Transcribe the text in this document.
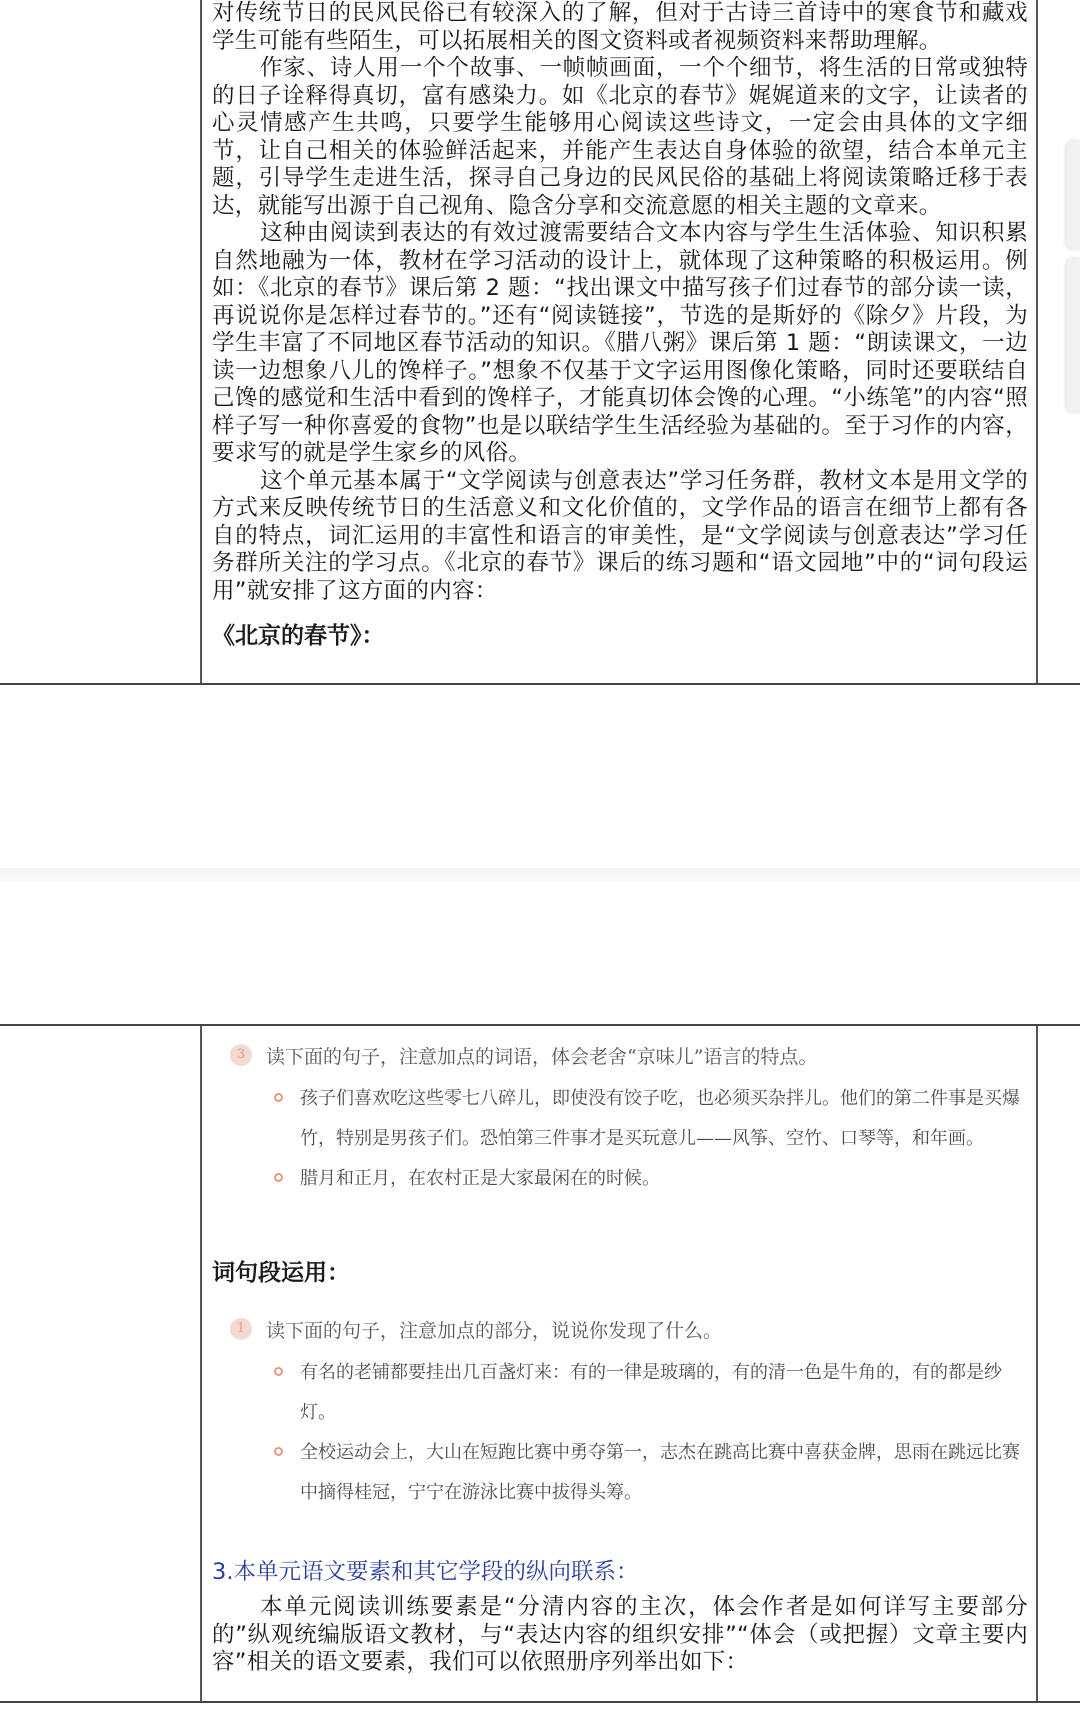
对传统节日的民风民俗已有较深入的了解，但对于古诗三首诗中的寒食节和藏戏学生可能有些陌生，可以拓展相关的图文资料或者视频资料来帮助理解。

作家、诗人用一个个故事、一帧帧画面，一个个细节，将生活的日常或独特的日子诠释得真切，富有感染力。如《北京的春节》娓娓道来的文字，让读者的心灵情感产生共鸣，只要学生能够用心阅读这些诗文，一定会由具体的文字细节，让自己相关的体验鲜活起来，并能产生表达自身体验的欲望，结合本单元主题，引导学生走进生活，探寻自己身边的民风民俗的基础上将阅读策略迁移于表达，就能写出源于自己视角、隐含分享和交流意愿的相关主题的文章来。

这种由阅读到表达的有效过渡需要结合文本内容与学生生活体验、知识积累自然地融为一体，教材在学习活动的设计上，就体现了这种策略的积极运用。例如：《北京的春节》课后第 2 题：“找出课文中描写孩子们过春节的部分读一读，再说说你是怎样过春节的。”还有“阅读链接”，节选的是斯妤的《除夕》片段，为学生丰富了不同地区春节活动的知识。《腊八粥》课后第 1 题：“朗读课文，一边读一边想象八儿的馋样子。”想象不仅基于文字运用图像化策略，同时还要联结自己馋的感觉和生活中看到的馋样子，才能真切体会馋的心理。“小练笔”的内容“照样子写一种你喜爱的食物”也是以联结学生生活经验为基础的。至于习作的内容，要求写的就是学生家乡的风俗。

这个单元基本属于“文学阅读与创意表达”学习任务群，教材文本是用文学的方式来反映传统节日的生活意义和文化价值的，文学作品的语言在细节上都有各自的特点，词汇运用的丰富性和语言的审美性，是“文学阅读与创意表达”学习任务群所关注的学习点。《北京的春节》课后的练习题和“语文园地”中的“词句段运用”就安排了这方面的内容：

《北京的春节》：

3	读下面的句子，注意加点的词语，体会老舍“京味儿”语言的特点。

孩子们喜欢吃这些零七八碎儿，即使没有饺子吃，也必须买杂拌儿。他们的第二件事是买爆竹，特别是男孩子们。恐怕第三件事才是买玩意儿——风筝、空竹、口琴等，和年画。

腊月和正月，在农村正是大家最闲在的时候。

词句段运用：

1	读下面的句子，注意加点的部分，说说你发现了什么。

有名的老铺都要挂出几百盏灯来：有的一律是玻璃的，有的清一色是牛角的，有的都是纱灯。

全校运动会上，大山在短跑比赛中勇夺第一，志杰在跳高比赛中喜获金牌，思雨在跳远比赛中摘得桂冠，宁宁在游泳比赛中拔得头筹。

3.本单元语文要素和其它学段的纵向联系：

本单元阅读训练要素是“分清内容的主次，体会作者是如何详写主要部分的”纵观统编版语文教材，与“表达内容的组织安排”“体会（或把握）文章主要内容”相关的语文要素，我们可以依照册序列举出如下：
